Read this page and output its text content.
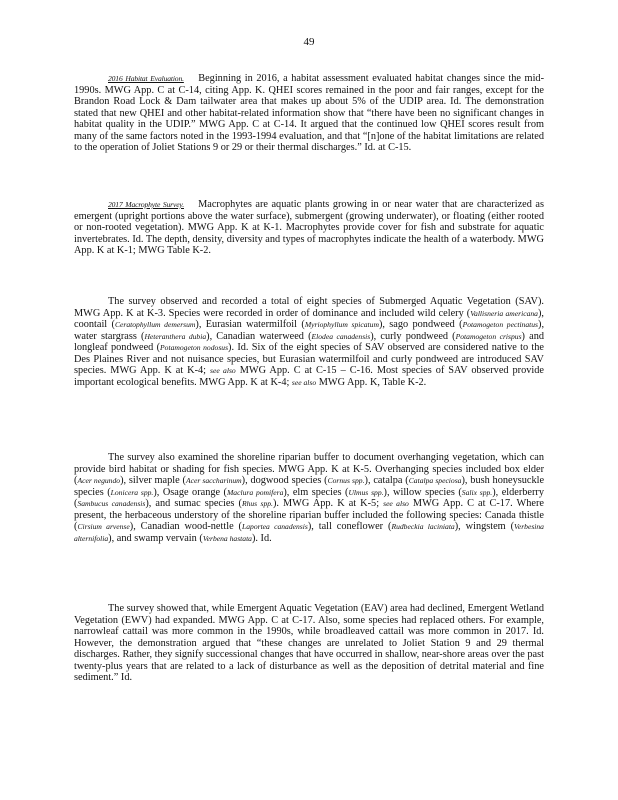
49

2016 Habitat Evaluation. Beginning in 2016, a habitat assessment evaluated habitat changes since the mid-1990s. MWG App. C at C-14, citing App. K. QHEI scores remained in the poor and fair ranges, except for the Brandon Road Lock & Dam tailwater area that makes up about 5% of the UDIP area. Id. The demonstration stated that new QHEI and other habitat-related information show that “there have been no significant changes in habitat quality in the UDIP.” MWG App. C at C-14. It argued that the continued low QHEI scores result from many of the same factors noted in the 1993-1994 evaluation, and that “[n]one of the habitat limitations are related to the operation of Joliet Stations 9 or 29 or their thermal discharges.” Id. at C-15.

2017 Macrophyte Survey. Macrophytes are aquatic plants growing in or near water that are characterized as emergent (upright portions above the water surface), submergent (growing underwater), or floating (either rooted or non-rooted vegetation). MWG App. K at K-1. Macrophytes provide cover for fish and substrate for aquatic invertebrates. Id. The depth, density, diversity and types of macrophytes indicate the health of a waterbody. MWG App. K at K-1; MWG Table K-2.

The survey observed and recorded a total of eight species of Submerged Aquatic Vegetation (SAV). MWG App. K at K-3. Species were recorded in order of dominance and included wild celery (Vallisneria americana), coontail (Ceratophyllum demersum), Eurasian watermilfoil (Myriophyllum spicatum), sago pondweed (Potamogeton pectinatus), water stargrass (Heteranthera dubia), Canadian waterweed (Elodea canadensis), curly pondweed (Potamogeton crispus) and longleaf pondweed (Potamogeton nodosus). Id. Six of the eight species of SAV observed are considered native to the Des Plaines River and not nuisance species, but Eurasian watermilfoil and curly pondweed are introduced SAV species. MWG App. K at K-4; see also MWG App. C at C-15 – C-16. Most species of SAV observed provide important ecological benefits. MWG App. K at K-4; see also MWG App. K, Table K-2.

The survey also examined the shoreline riparian buffer to document overhanging vegetation, which can provide bird habitat or shading for fish species. MWG App. K at K-5. Overhanging species included box elder (Acer negundo), silver maple (Acer saccharinum), dogwood species (Cornus spp.), catalpa (Catalpa speciosa), bush honeysuckle species (Lonicera spp.), Osage orange (Maclura pomifera), elm species (Ulmus spp.), willow species (Salix spp.), elderberry (Sambucus canadensis), and sumac species (Rhus spp.). MWG App. K at K-5; see also MWG App. C at C-17. Where present, the herbaceous understory of the shoreline riparian buffer included the following species: Canada thistle (Cirsium arvense), Canadian wood-nettle (Laportea canadensis), tall coneflower (Rudbeckia laciniata), wingstem (Verbesina alternifolia), and swamp vervain (Verbena hastata). Id.

The survey showed that, while Emergent Aquatic Vegetation (EAV) area had declined, Emergent Wetland Vegetation (EWV) had expanded. MWG App. C at C-17. Also, some species had replaced others. For example, narrowleaf cattail was more common in the 1990s, while broadleaved cattail was more common in 2017. Id. However, the demonstration argued that “these changes are unrelated to Joliet Station 9 and 29 thermal discharges. Rather, they signify successional changes that have occurred in shallow, near-shore areas over the past twenty-plus years that are related to a lack of disturbance as well as the deposition of detrital material and fine sediment.” Id.
